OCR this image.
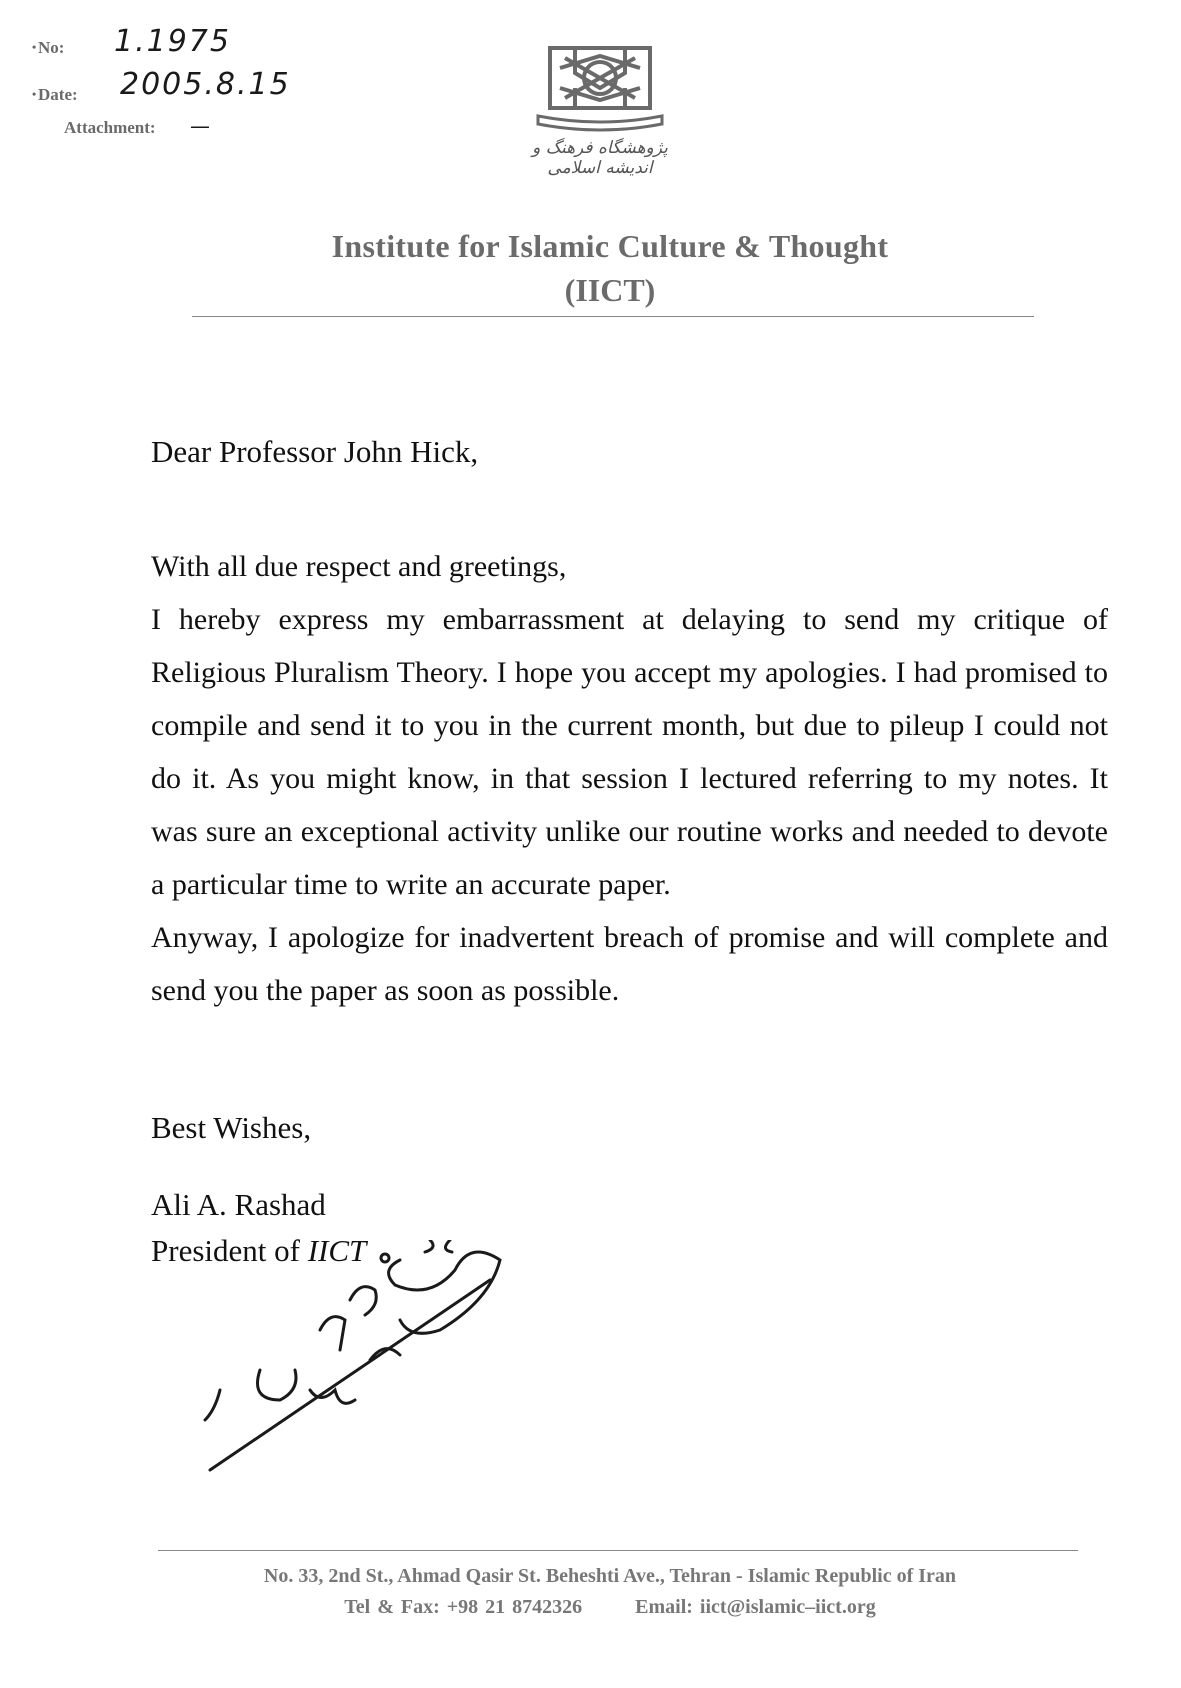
• No: 1.1975
• Date: 2005.8.15
Attachment: —
پژوهشگاه فرهنگ و اندیشه اسلامی
Institute for Islamic Culture & Thought
(IICT)
Dear Professor John Hick,

With all due respect and greetings,

I hereby express my embarrassment at delaying to send my critique of Religious Pluralism Theory. I hope you accept my apologies. I had promised to compile and send it to you in the current month, but due to pileup I could not do it. As you might know, in that session I lectured referring to my notes. It was sure an exceptional activity unlike our routine works and needed to devote a particular time to write an accurate paper.

Anyway, I apologize for inadvertent breach of promise and will complete and send you the paper as soon as possible.

Best Wishes,
Ali A. Rashad
President of IICT
No. 33, 2nd St., Ahmad Qasir St. Beheshti Ave., Tehran - Islamic Republic of Iran
Tel & Fax: +98 21 8742326	Email: iict@islamic–iict.org
